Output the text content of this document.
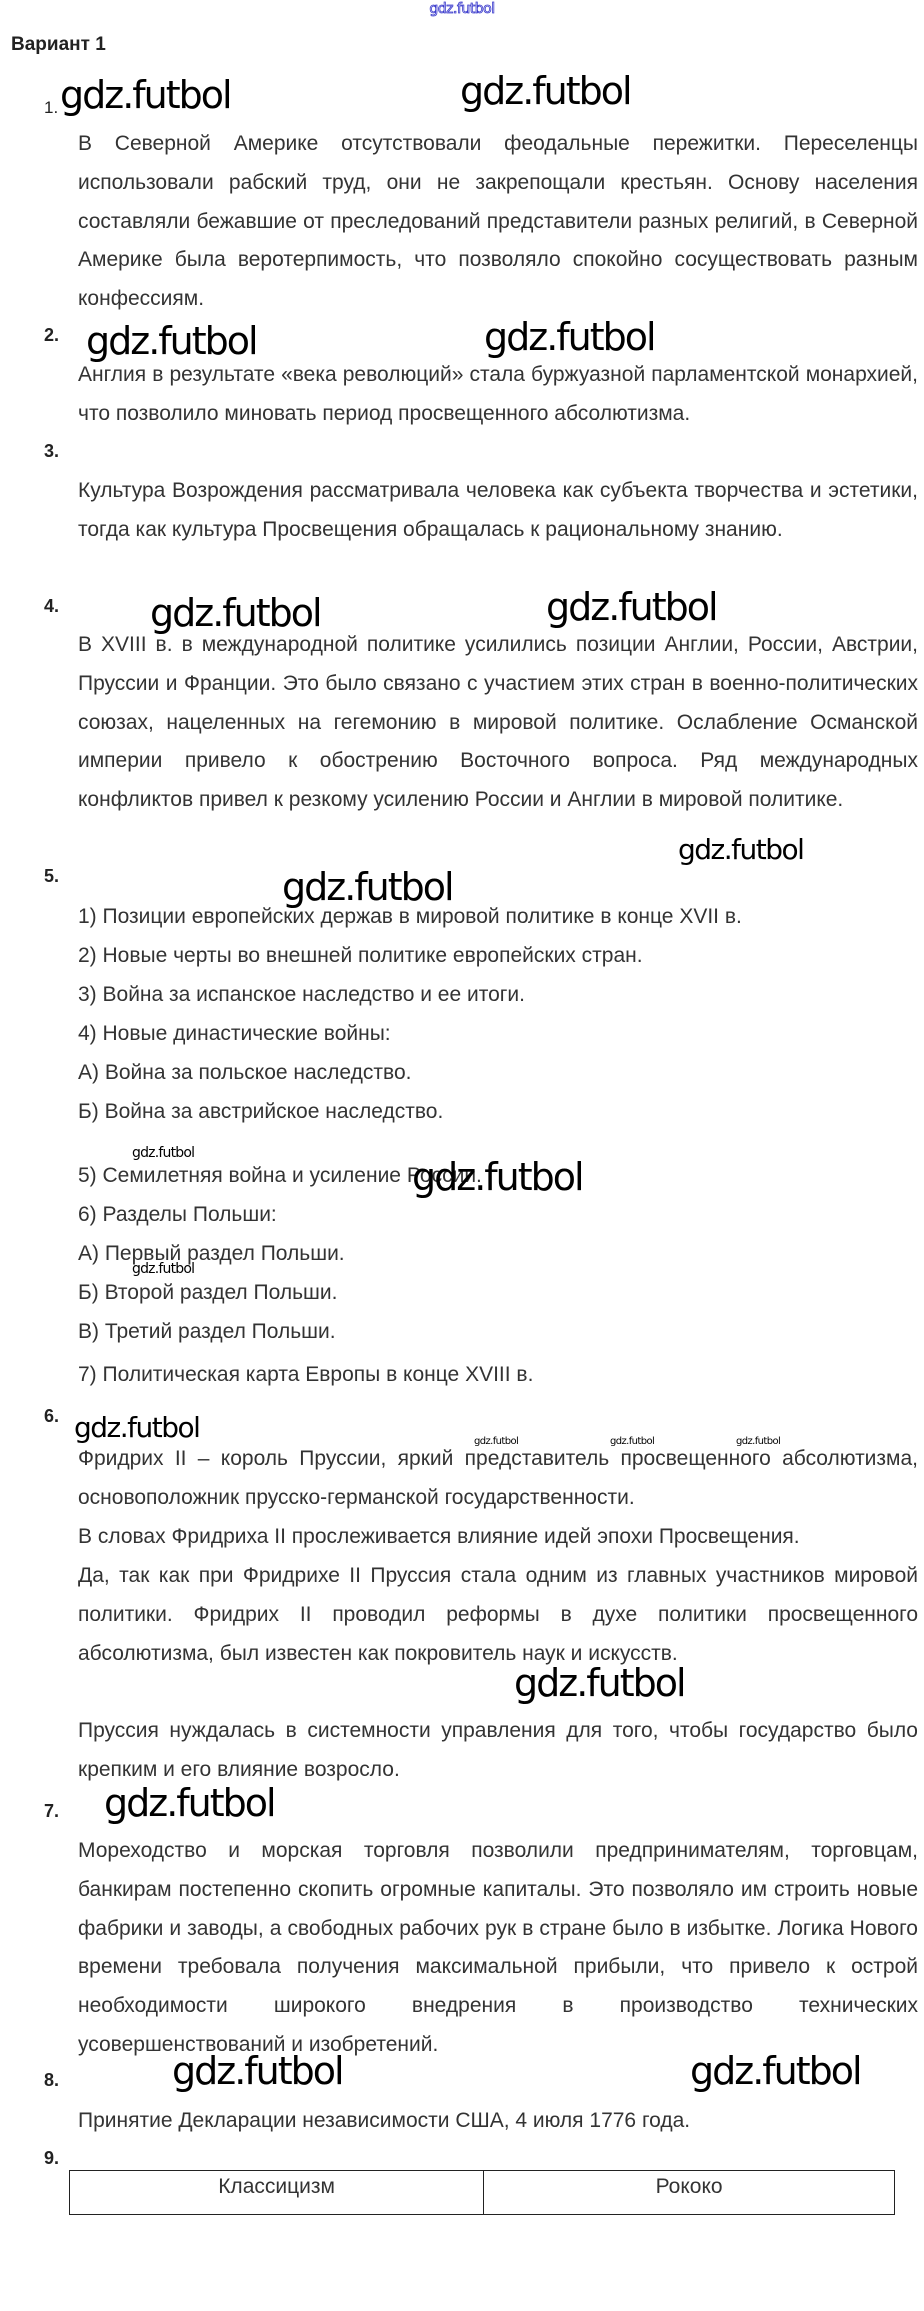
gdz.futbol
Вариант 1
1. gdz.futbol	gdz.futbol
В Северной Америке отсутствовали феодальные пережитки. Переселенцы использовали рабский труд, они не закрепощали крестьян. Основу населения составляли бежавшие от преследований представители разных религий, в Северной Америке была веротерпимость, что позволяло спокойно сосуществовать разным конфессиям.
2. gdz.futbol	gdz.futbol
Англия в результате «века революций» стала буржуазной парламентской монархией, что позволило миновать период просвещенного абсолютизма.
3.
Культура Возрождения рассматривала человека как субъекта творчества и эстетики, тогда как культура Просвещения обращалась к рациональному знанию.
4. gdz.futbol	gdz.futbol
В XVIII в. в международной политике усилились позиции Англии, России, Австрии, Пруссии и Франции. Это было связано с участием этих стран в военно-политических союзах, нацеленных на гегемонию в мировой политике. Ослабление Османской империи привело к обострению Восточного вопроса. Ряд международных конфликтов привел к резкому усилению России и Англии в мировой политике.
gdz.futbol
5.	gdz.futbol
1) Позиции европейских держав в мировой политике в конце XVII в.
2) Новые черты во внешней политике европейских стран.
3) Война за испанское наследство и ее итоги.
4) Новые династические войны:
А) Война за польское наследство.
Б) Война за австрийское наследство.
gdz.futbol
5) Семилетняя война и усиление России.
gdz.futbol
6) Разделы Польши:
А) Первый раздел Польши.
gdz.futbol
Б) Второй раздел Польши.
В) Третий раздел Польши.
7) Политическая карта Европы в конце XVIII в.
6. gdz.futbol	gdz.futbol	gdz.futbol	gdz.futbol
Фридрих II – король Пруссии, яркий представитель просвещенного абсолютизма, основоположник прусско-германской государственности.
В словах Фридриха II прослеживается влияние идей эпохи Просвещения.
Да, так как при Фридрихе II Пруссия стала одним из главных участников мировой политики. Фридрих II проводил реформы в духе политики просвещенного абсолютизма, был известен как покровитель наук и искусств.
gdz.futbol
Пруссия нуждалась в системности управления для того, чтобы государство было крепким и его влияние возросло.
7. gdz.futbol
Мореходство и морская торговля позволили предпринимателям, торговцам, банкирам постепенно скопить огромные капиталы. Это позволяло им строить новые фабрики и заводы, а свободных рабочих рук в стране было в избытке. Логика Нового времени требовала получения максимальной прибыли, что привело к острой необходимости широкого внедрения в производство технических усовершенствований и изобретений.
8.	gdz.futbol	gdz.futbol
Принятие Декларации независимости США, 4 июля 1776 года.
9.
Классицизм	Рококо
